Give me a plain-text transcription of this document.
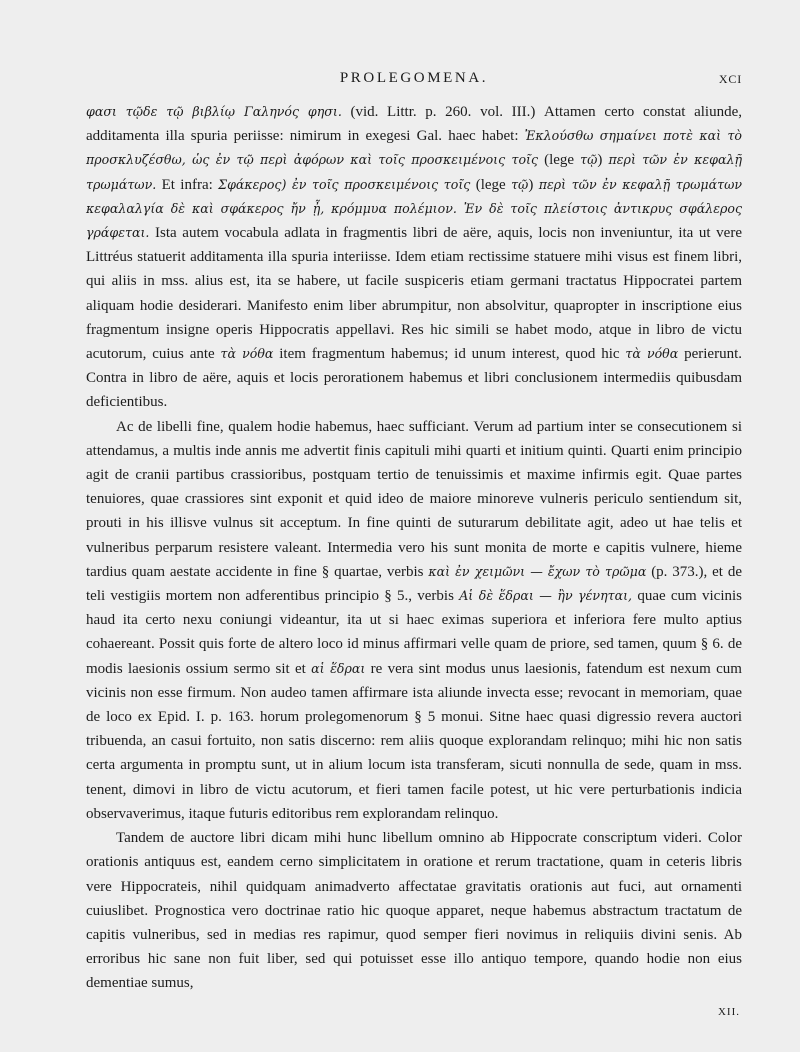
PROLEGOMENA.	XCI

φασι τῷδε τῷ βιβλίῳ Γαληνός φησι. (vid. Littr. p. 260. vol. III.) Attamen certo constat aliunde, additamenta illa spuria periisse: nimirum in exegesi Gal. haec habet: Ἐκλούσθω σημαίνει ποτὲ καὶ τὸ προσκλυζέσθω, ὡς ἐν τῷ περὶ ἀφόρων καὶ τοῖς προσκειμένοις τοῖς (lege τῷ) περὶ τῶν ἐν κεφαλῇ τρωμάτων. Et infra: Σφάκερος) ἐν τοῖς προσκειμένοις τοῖς (lege τῷ) περὶ τῶν ἐν κεφαλῇ τρωμάτων κεφαλαλγία δὲ καὶ σφάκερος ἤν ᾖ, κρόμμυα πολέμιον. Ἐν δὲ τοῖς πλείστοις ἀντικρυς σφάλερος γράφεται. Ista autem vocabula adlata in fragmentis libri de aëre, aquis, locis non inveniuntur, ita ut vere Littréus statuerit additamenta illa spuria interiisse. Idem etiam rectissime statuere mihi visus est finem libri, qui aliis in mss. alius est, ita se habere, ut facile suspiceris etiam germani tractatus Hippocratei partem aliquam hodie desiderari. Manifesto enim liber abrumpitur, non absolvitur, quapropter in inscriptione eius fragmentum insigne operis Hippocratis appellavi. Res hic simili se habet modo, atque in libro de victu acutorum, cuius ante τὰ νόθα item fragmentum habemus; id unum interest, quod hic τὰ νόθα perierunt. Contra in libro de aëre, aquis et locis perorationem habemus et libri conclusionem intermediis quibusdam deficientibus.

Ac de libelli fine, qualem hodie habemus, haec sufficiant. Verum ad partium inter se consecutionem si attendamus, a multis inde annis me advertit finis capituli mihi quarti et initium quinti. Quarti enim principio agit de cranii partibus crassioribus, postquam tertio de tenuissimis et maxime infirmis egit. Quae partes tenuiores, quae crassiores sint exponit et quid ideo de maiore minoreve vulneris periculo sentiendum sit, prouti in his illisve vulnus sit acceptum. In fine quinti de suturarum debilitate agit, adeo ut hae telis et vulneribus perparum resistere valeant. Intermedia vero his sunt monita de morte e capitis vulnere, hieme tardius quam aestate accidente in fine § quartae, verbis καὶ ἐν χειμῶνι — ἔχων τὸ τρῶμα (p. 373.), et de teli vestigiis mortem non adferentibus principio § 5., verbis Αἱ δὲ ἕδραι — ἢν γένηται, quae cum vicinis haud ita certo nexu coniungi videantur, ita ut si haec eximas superiora et inferiora fere multo aptius cohaereant. Possit quis forte de altero loco id minus affirmari velle quam de priore, sed tamen, quum § 6. de modis laesionis ossium sermo sit et αἱ ἕδραι re vera sint modus unus laesionis, fatendum est nexum cum vicinis non esse firmum. Non audeo tamen affirmare ista aliunde invecta esse; revocant in memoriam, quae de loco ex Epid. I. p. 163. horum prolegomenorum § 5 monui. Sitne haec quasi digressio revera auctori tribuenda, an casui fortuito, non satis discerno: rem aliis quoque explorandam relinquo; mihi hic non satis certa argumenta in promptu sunt, ut in alium locum ista transferam, sicuti nonnulla de sede, quam in mss. tenent, dimovi in libro de victu acutorum, et fieri tamen facile potest, ut hic vere perturbationis indicia observaverimus, itaque futuris editoribus rem explorandam relinquo.

Tandem de auctore libri dicam mihi hunc libellum omnino ab Hippocrate conscriptum videri. Color orationis antiquus est, eandem cerno simplicitatem in oratione et rerum tractatione, quam in ceteris libris vere Hippocrateis, nihil quidquam animadverto affectatae gravitatis orationis aut fuci, aut ornamenti cuiuslibet. Prognostica vero doctrinae ratio hic quoque apparet, neque habemus abstractum tractatum de capitis vulneribus, sed in medias res rapimur, quod semper fieri novimus in reliquiis divini senis. Ab erroribus hic sane non fuit liber, sed qui potuisset esse illo antiquo tempore, quando hodie non eius dementiae sumus,

XII.
